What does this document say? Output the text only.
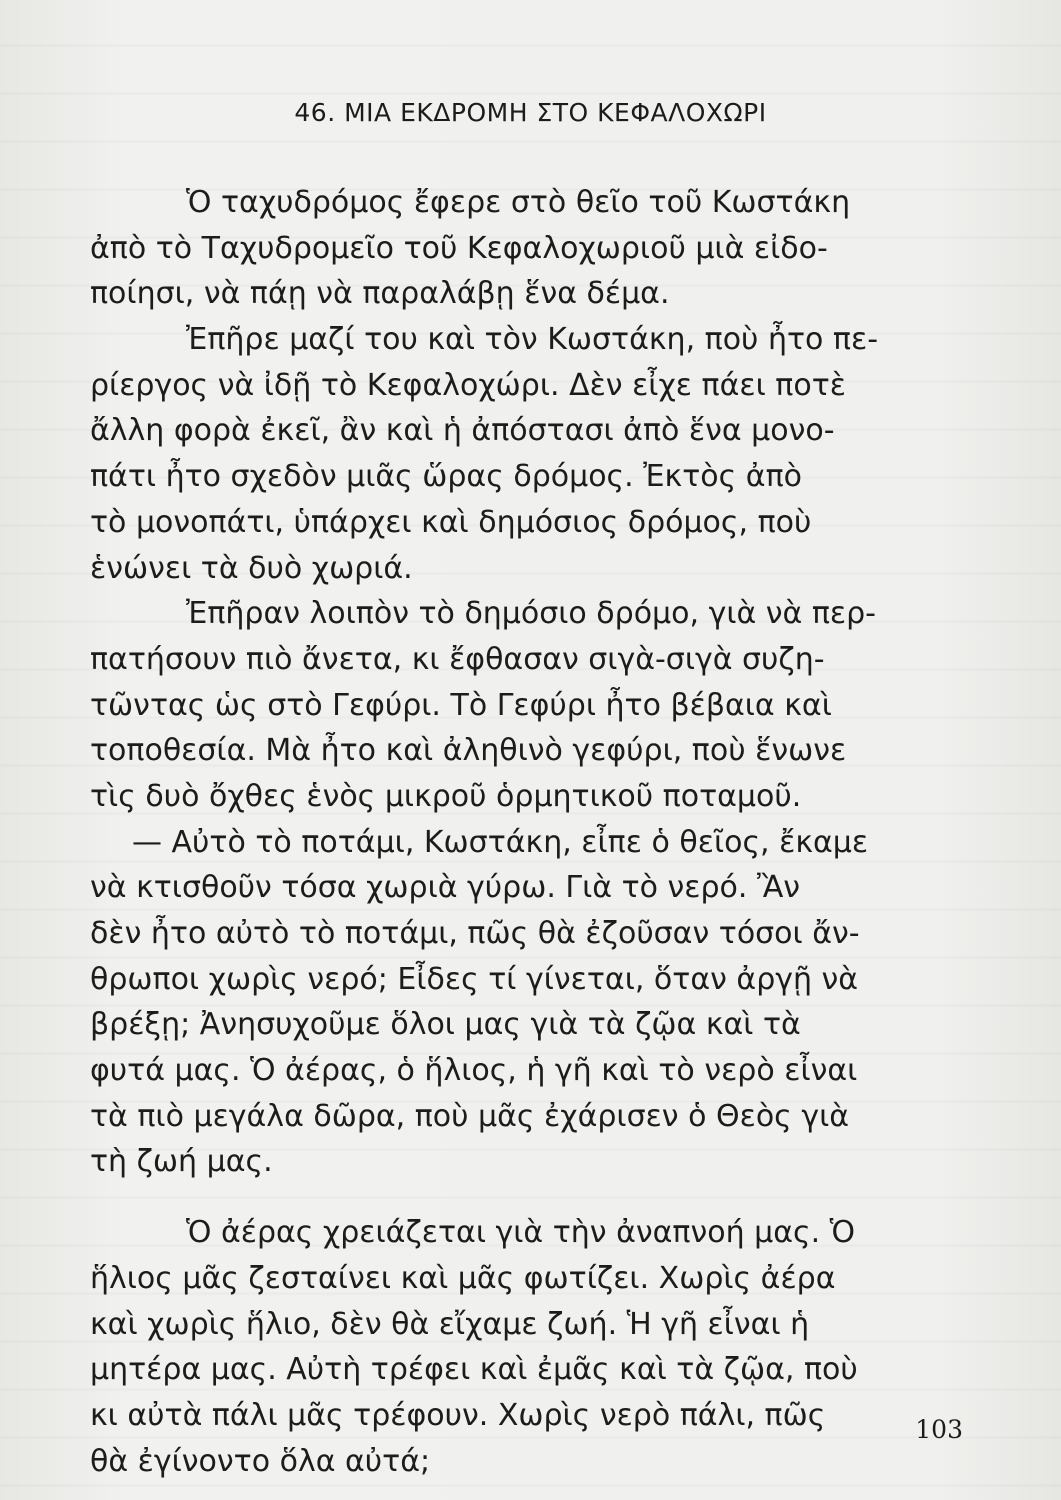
46. ΜΙΑ ΕΚΔΡΟΜΗ ΣΤΟ ΚΕΦΑΛΟΧΩΡΙ
Ὁ ταχυδρόμος ἔφερε στὸ θεῖο τοῦ Κωστάκη
ἀπὸ τὸ Ταχυδρομεῖο τοῦ Κεφαλοχωριοῦ μιὰ εἰδο-
ποίησι, νὰ πάῃ νὰ παραλάβῃ ἕνα δέμα.
Ἐπῆρε μαζί του καὶ τὸν Κωστάκη, ποὺ ἦτο πε-
ρίεργος νὰ ἰδῇ τὸ Κεφαλοχώρι. Δὲν εἶχε πάει ποτὲ
ἄλλη φορὰ ἐκεῖ, ἂν καὶ ἡ ἀπόστασι ἀπὸ ἕνα μονο-
πάτι ἦτο σχεδὸν μιᾶς ὥρας δρόμος. Ἐκτὸς ἀπὸ
τὸ μονοπάτι, ὑπάρχει καὶ δημόσιος δρόμος, ποὺ
ἑνώνει τὰ δυὸ χωριά.
Ἐπῆραν λοιπὸν τὸ δημόσιο δρόμο, γιὰ νὰ περ-
πατήσουν πιὸ ἄνετα, κι ἔφθασαν σιγὰ-σιγὰ συζη-
τῶντας ὡς στὸ Γεφύρι. Τὸ Γεφύρι ἦτο βέβαια καὶ
τοποθεσία. Μὰ ἦτο καὶ ἀληθινὸ γεφύρι, ποὺ ἕνωνε
τὶς δυὸ ὄχθες ἑνὸς μικροῦ ὁρμητικοῦ ποταμοῦ.
— Αὐτὸ τὸ ποτάμι, Κωστάκη, εἶπε ὁ θεῖος, ἔκαμε
νὰ κτισθοῦν τόσα χωριὰ γύρω. Γιὰ τὸ νερό. Ἂν
δὲν ἦτο αὐτὸ τὸ ποτάμι, πῶς θὰ ἐζοῦσαν τόσοι ἄν-
θρωποι χωρὶς νερό; Εἶδες τί γίνεται, ὅταν ἀργῇ νὰ
βρέξῃ; Ἀνησυχοῦμε ὅλοι μας γιὰ τὰ ζῷα καὶ τὰ
φυτά μας. Ὁ ἀέρας, ὁ ἥλιος, ἡ γῆ καὶ τὸ νερὸ εἶναι
τὰ πιὸ μεγάλα δῶρα, ποὺ μᾶς ἐχάρισεν ὁ Θεὸς γιὰ
τὴ ζωή μας.
Ὁ ἀέρας χρειάζεται γιὰ τὴν ἀναπνοή μας. Ὁ
ἥλιος μᾶς ζεσταίνει καὶ μᾶς φωτίζει. Χωρὶς ἀέρα
καὶ χωρὶς ἥλιο, δὲν θὰ εἴχαμε ζωή. Ἡ γῆ εἶναι ἡ
μητέρα μας. Αὐτὴ τρέφει καὶ ἐμᾶς καὶ τὰ ζῷα, ποὺ
κι αὐτὰ πάλι μᾶς τρέφουν. Χωρὶς νερὸ πάλι, πῶς
θὰ ἐγίνοντο ὅλα αὐτά;
103
